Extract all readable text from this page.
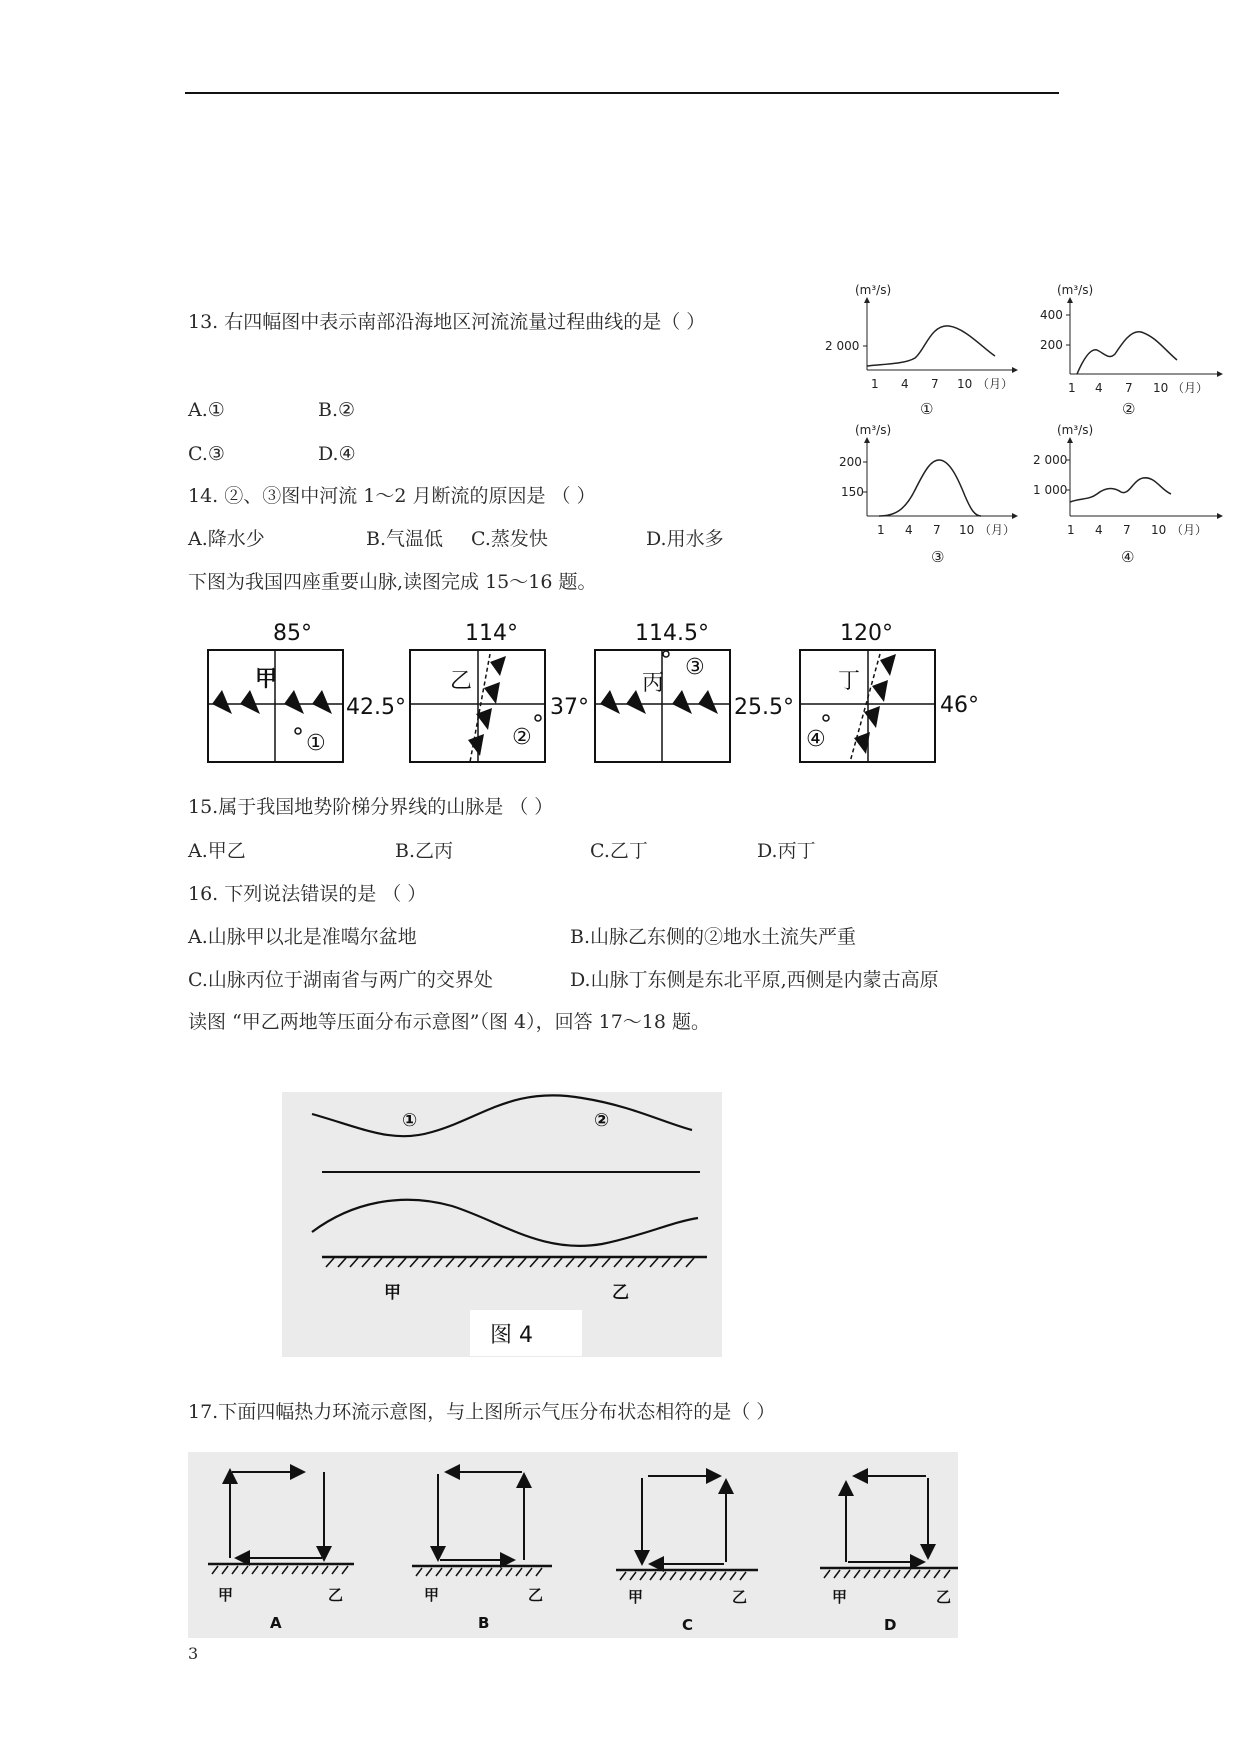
13. 右四幅图中表示南部沿海地区河流流量过程曲线的是（ ）
A.①	B.②
C.③	D.④
14. ②、③图中河流 1～2 月断流的原因是 （ ）
A.降水少	B.气温低 C.蒸发快	D.用水多
下图为我国四座重要山脉,读图完成 15～16 题。
(m³/s)
2 000
1 4 7 10 （月）
①
(m³/s)
400
200
1 4 7 10 （月）
②
(m³/s)
200
150
1 4 7 10 （月）
③
(m³/s)
2 000
1 000
1 4 7 10 （月）
④
85°
甲
42.5°
①
114°
乙
②
37°
114.5°
丙
③
25.5°
120°
丁
④
46°
15.属于我国地势阶梯分界线的山脉是 （ ）
A.甲乙	B.乙丙	C.乙丁	D.丙丁
16. 下列说法错误的是 （ ）
A.山脉甲以北是准噶尔盆地	B.山脉乙东侧的②地水土流失严重
C.山脉丙位于湖南省与两广的交界处	D.山脉丁东侧是东北平原,西侧是内蒙古高原
读图 “甲乙两地等压面分布示意图”（图 4），回答 17～18 题。
①	②
甲	乙
图 4
17.下面四幅热力环流示意图，与上图所示气压分布状态相符的是（ ）
甲	乙
A
甲	乙
B
甲	乙
C
甲	乙
D
3
